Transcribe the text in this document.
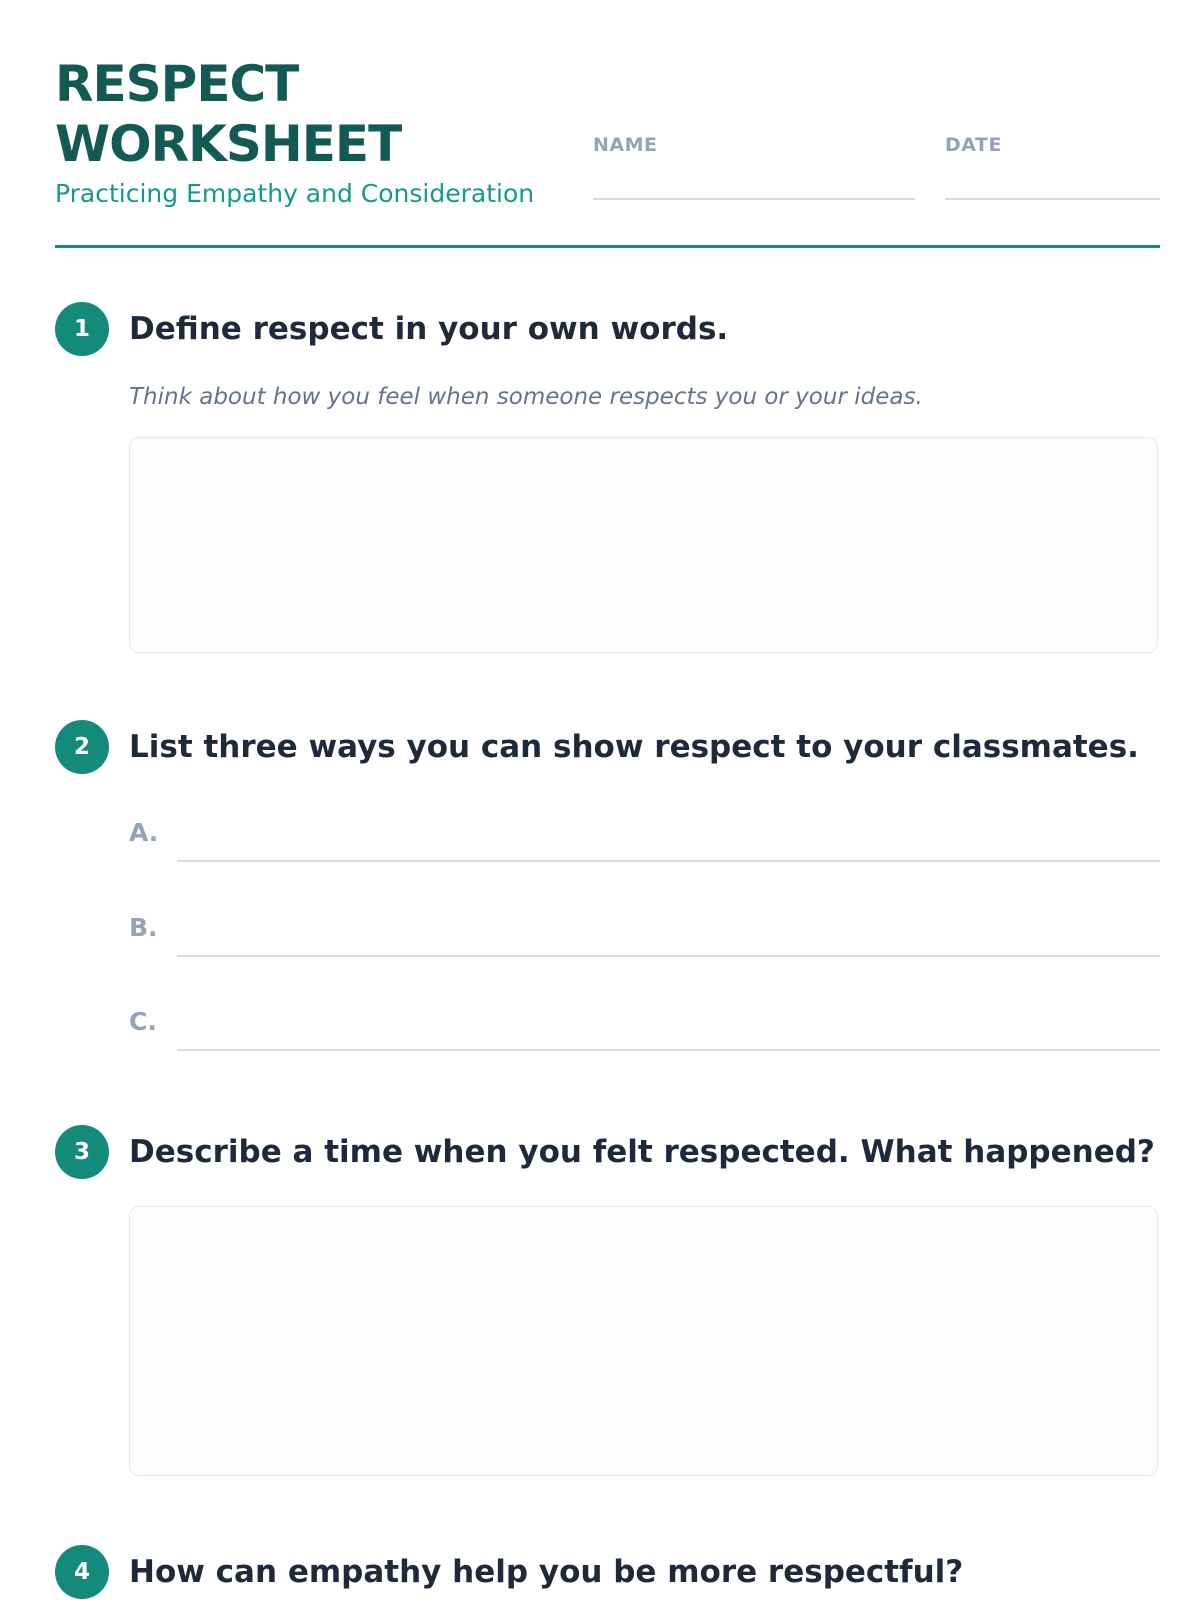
RESPECT
WORKSHEET

Practicing Empathy and Consideration

NAME	DATE
1	Define respect in your own words.

Think about how you feel when someone respects you or your ideas.

2	List three ways you can show respect to your classmates.
A.
B.
C.
3	Describe a time when you felt respected. What happened?
4	How can empathy help you be more respectful?
